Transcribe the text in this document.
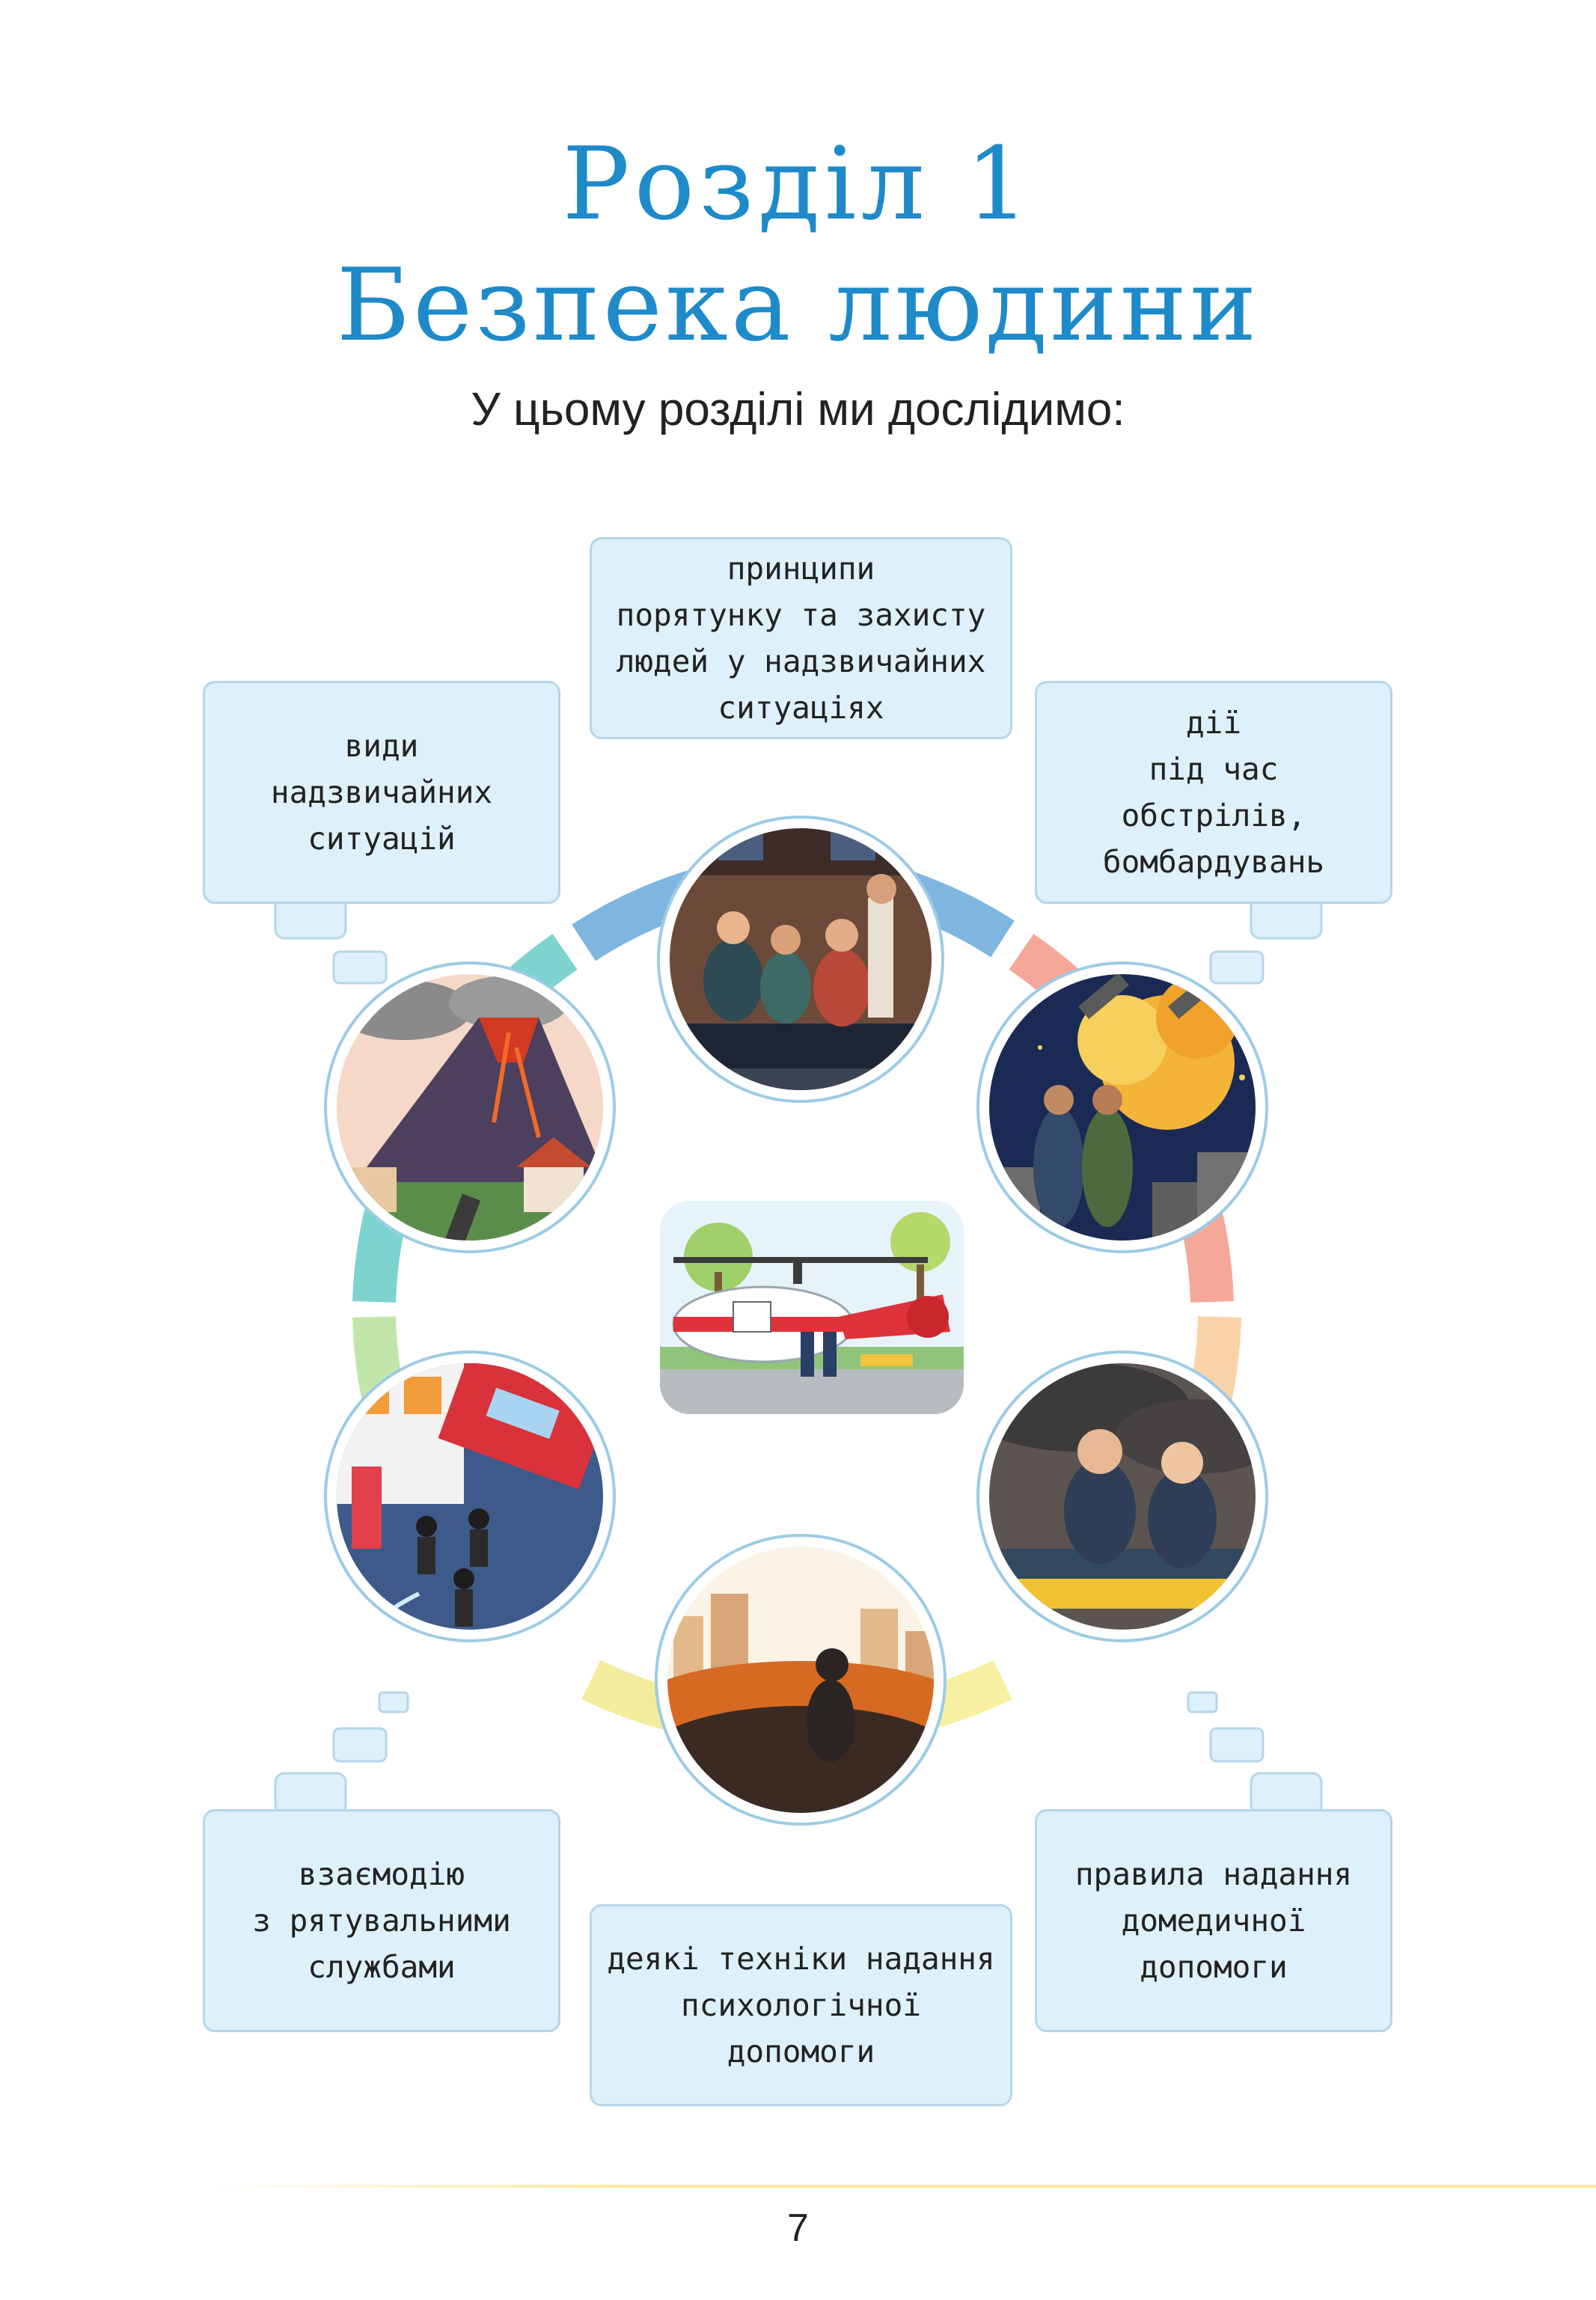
Розділ 1
Безпека людини
У цьому розділі ми дослідимо:
принципи
порятунку та захисту
людей у надзвичайних
ситуаціях
види
надзвичайних
ситуацій
дії
під час обстрілів,
бомбардувань
взаємодію
з рятувальними
службами	деякі техніки надання
психологічної
допомоги
правила надання
домедичної
допомоги
7
